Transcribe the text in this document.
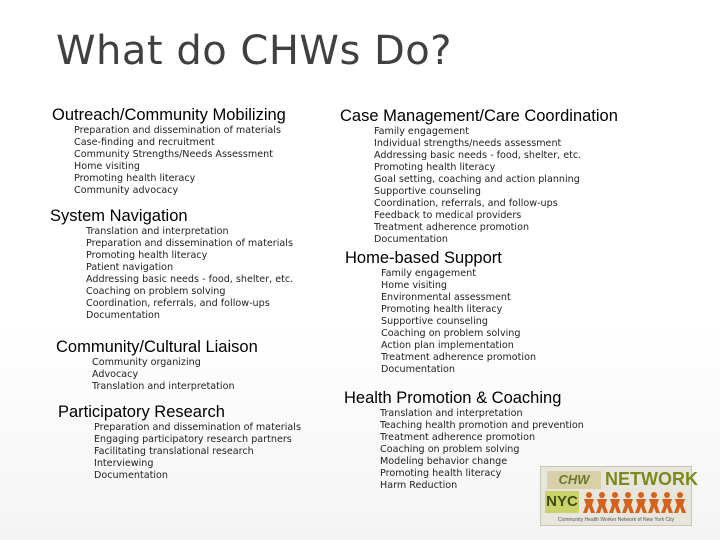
What do CHWs Do?
Outreach/Community Mobilizing
Preparation and dissemination of materials
Case-finding and recruitment
Community Strengths/Needs Assessment
Home visiting
Promoting health literacy
Community advocacy
System Navigation
Translation and interpretation
Preparation and dissemination of materials
Promoting health literacy
Patient navigation
Addressing basic needs - food, shelter, etc.
Coaching on problem solving
Coordination, referrals, and follow-ups
Documentation
Community/Cultural Liaison
Community organizing
Advocacy
Translation and interpretation
Participatory Research
Preparation and dissemination of materials
Engaging participatory research partners
Facilitating translational research
Interviewing
Documentation
Case Management/Care Coordination
Family engagement
Individual strengths/needs assessment
Addressing basic needs - food, shelter, etc.
Promoting health literacy
Goal setting, coaching and action planning
Supportive counseling
Coordination, referrals, and follow-ups
Feedback to medical providers
Treatment adherence promotion
Documentation
Home-based Support
Family engagement
Home visiting
Environmental assessment
Promoting health literacy
Supportive counseling
Coaching on problem solving
Action plan implementation
Treatment adherence promotion
Documentation
Health Promotion & Coaching
Translation and interpretation
Teaching health promotion and prevention
Treatment adherence promotion
Coaching on problem solving
Modeling behavior change
Promoting health literacy
Harm Reduction	CHW NETWORK
NYC
Community Health Worker Network of New York City
